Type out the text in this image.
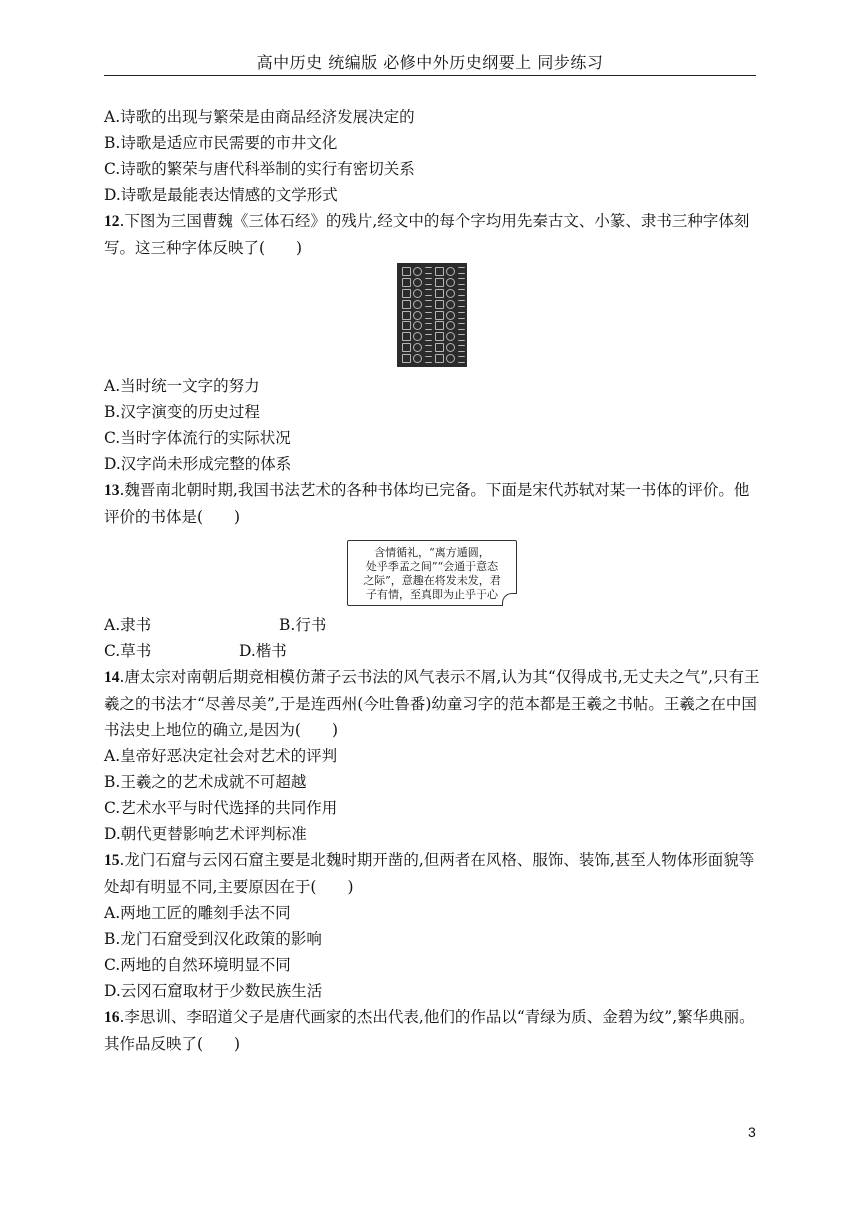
高中历史 统编版 必修中外历史纲要上 同步练习
A.诗歌的出现与繁荣是由商品经济发展决定的
B.诗歌是适应市民需要的市井文化
C.诗歌的繁荣与唐代科举制的实行有密切关系
D.诗歌是最能表达情感的文学形式
12.下图为三国曹魏《三体石经》的残片,经文中的每个字均用先秦古文、小篆、隶书三种字体刻写。这三种字体反映了(　　)
A.当时统一文字的努力
B.汉字演变的历史过程
C.当时字体流行的实际状况
D.汉字尚未形成完整的体系
13.魏晋南北朝时期,我国书法艺术的各种书体均已完备。下面是宋代苏轼对某一书体的评价。他评价的书体是(　　)
含情循礼，“离方遁圆，
处乎季孟之间”“会通于意态
之际”，意趣在将发未发，君
子有情，至真即为止乎于心
A.隶书	B.行书
C.草书	D.楷书
14.唐太宗对南朝后期竞相模仿萧子云书法的风气表示不屑,认为其“仅得成书,无丈夫之气”,只有王羲之的书法才“尽善尽美”,于是连西州(今吐鲁番)幼童习字的范本都是王羲之书帖。王羲之在中国书法史上地位的确立,是因为(　　)
A.皇帝好恶决定社会对艺术的评判
B.王羲之的艺术成就不可超越
C.艺术水平与时代选择的共同作用
D.朝代更替影响艺术评判标准
15.龙门石窟与云冈石窟主要是北魏时期开凿的,但两者在风格、服饰、装饰,甚至人物体形面貌等处却有明显不同,主要原因在于(　　)
A.两地工匠的雕刻手法不同
B.龙门石窟受到汉化政策的影响
C.两地的自然环境明显不同
D.云冈石窟取材于少数民族生活
16.李思训、李昭道父子是唐代画家的杰出代表,他们的作品以“青绿为质、金碧为纹”,繁华典丽。其作品反映了(　　)
3
